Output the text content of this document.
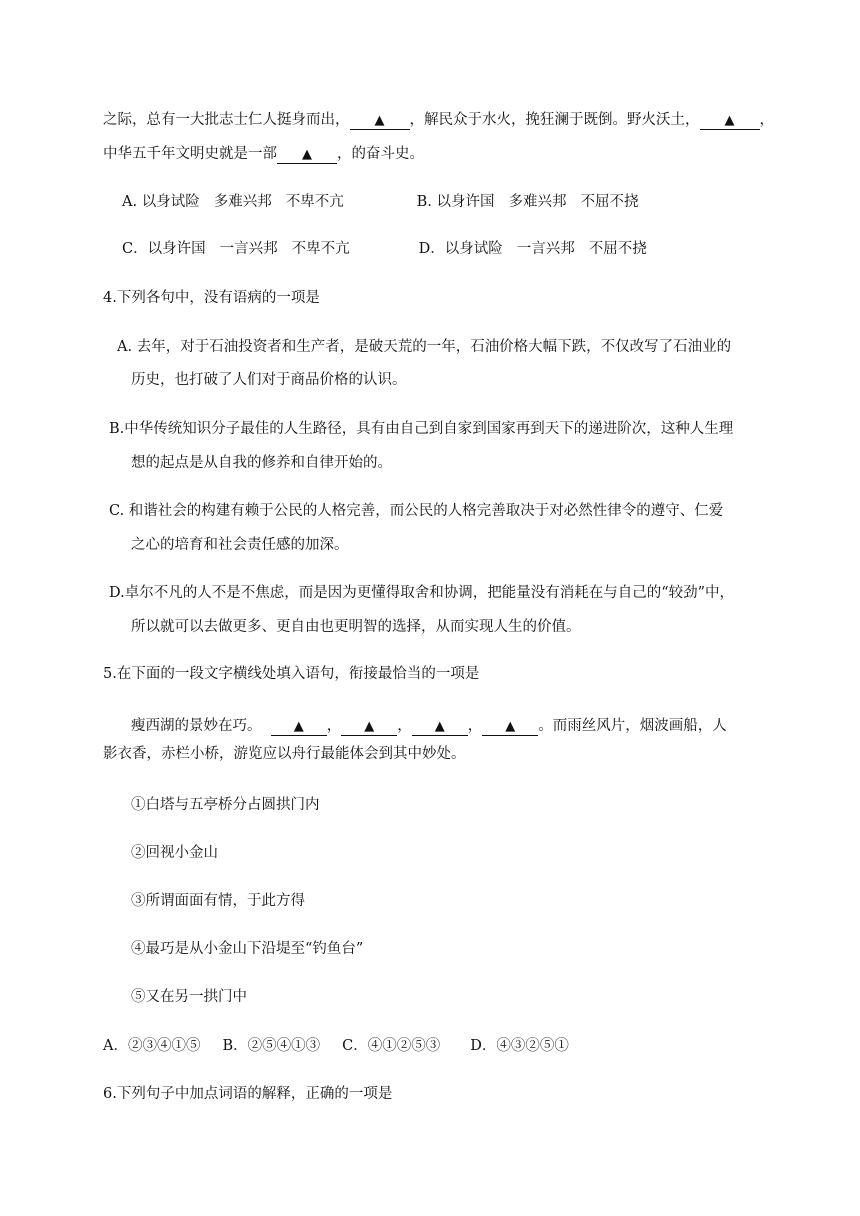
之际，总有一大批志士仁人挺身而出， ▲ ，解民众于水火，挽狂澜于既倒。野火沃土， ▲ ，
中华五千年文明史就是一部 ▲ ，的奋斗史。
A. 以身试险 多难兴邦 不卑不亢	B. 以身许国 多难兴邦 不屈不挠
C．以身许国 一言兴邦 不卑不亢	D．以身试险 一言兴邦 不屈不挠
4.下列各句中，没有语病的一项是
A. 去年，对于石油投资者和生产者，是破天荒的一年，石油价格大幅下跌，不仅改写了石油业的
历史，也打破了人们对于商品价格的认识。
B.中华传统知识分子最佳的人生路径，具有由自己到自家到国家再到天下的递进阶次，这种人生理
想的起点是从自我的修养和自律开始的。
C. 和谐社会的构建有赖于公民的人格完善，而公民的人格完善取决于对必然性律令的遵守、仁爱
之心的培育和社会责任感的加深。
D.卓尔不凡的人不是不焦虑，而是因为更懂得取舍和协调，把能量没有消耗在与自己的“较劲”中，
所以就可以去做更多、更自由也更明智的选择，从而实现人生的价值。
5.在下面的一段文字横线处填入语句，衔接最恰当的一项是
瘦西湖的景妙在巧。 ▲ ， ▲ ， ▲ ， ▲ 。而雨丝风片，烟波画船，人
影衣香，赤栏小桥，游览应以舟行最能体会到其中妙处。
①白塔与五亭桥分占圆拱门内
②回视小金山
③所谓面面有情，于此方得
④最巧是从小金山下沿堤至“钓鱼台”
⑤又在另一拱门中
A．②③④①⑤ B．②⑤④①③ C．④①②⑤③ D．④③②⑤①
6.下列句子中加点词语的解释，正确的一项是
